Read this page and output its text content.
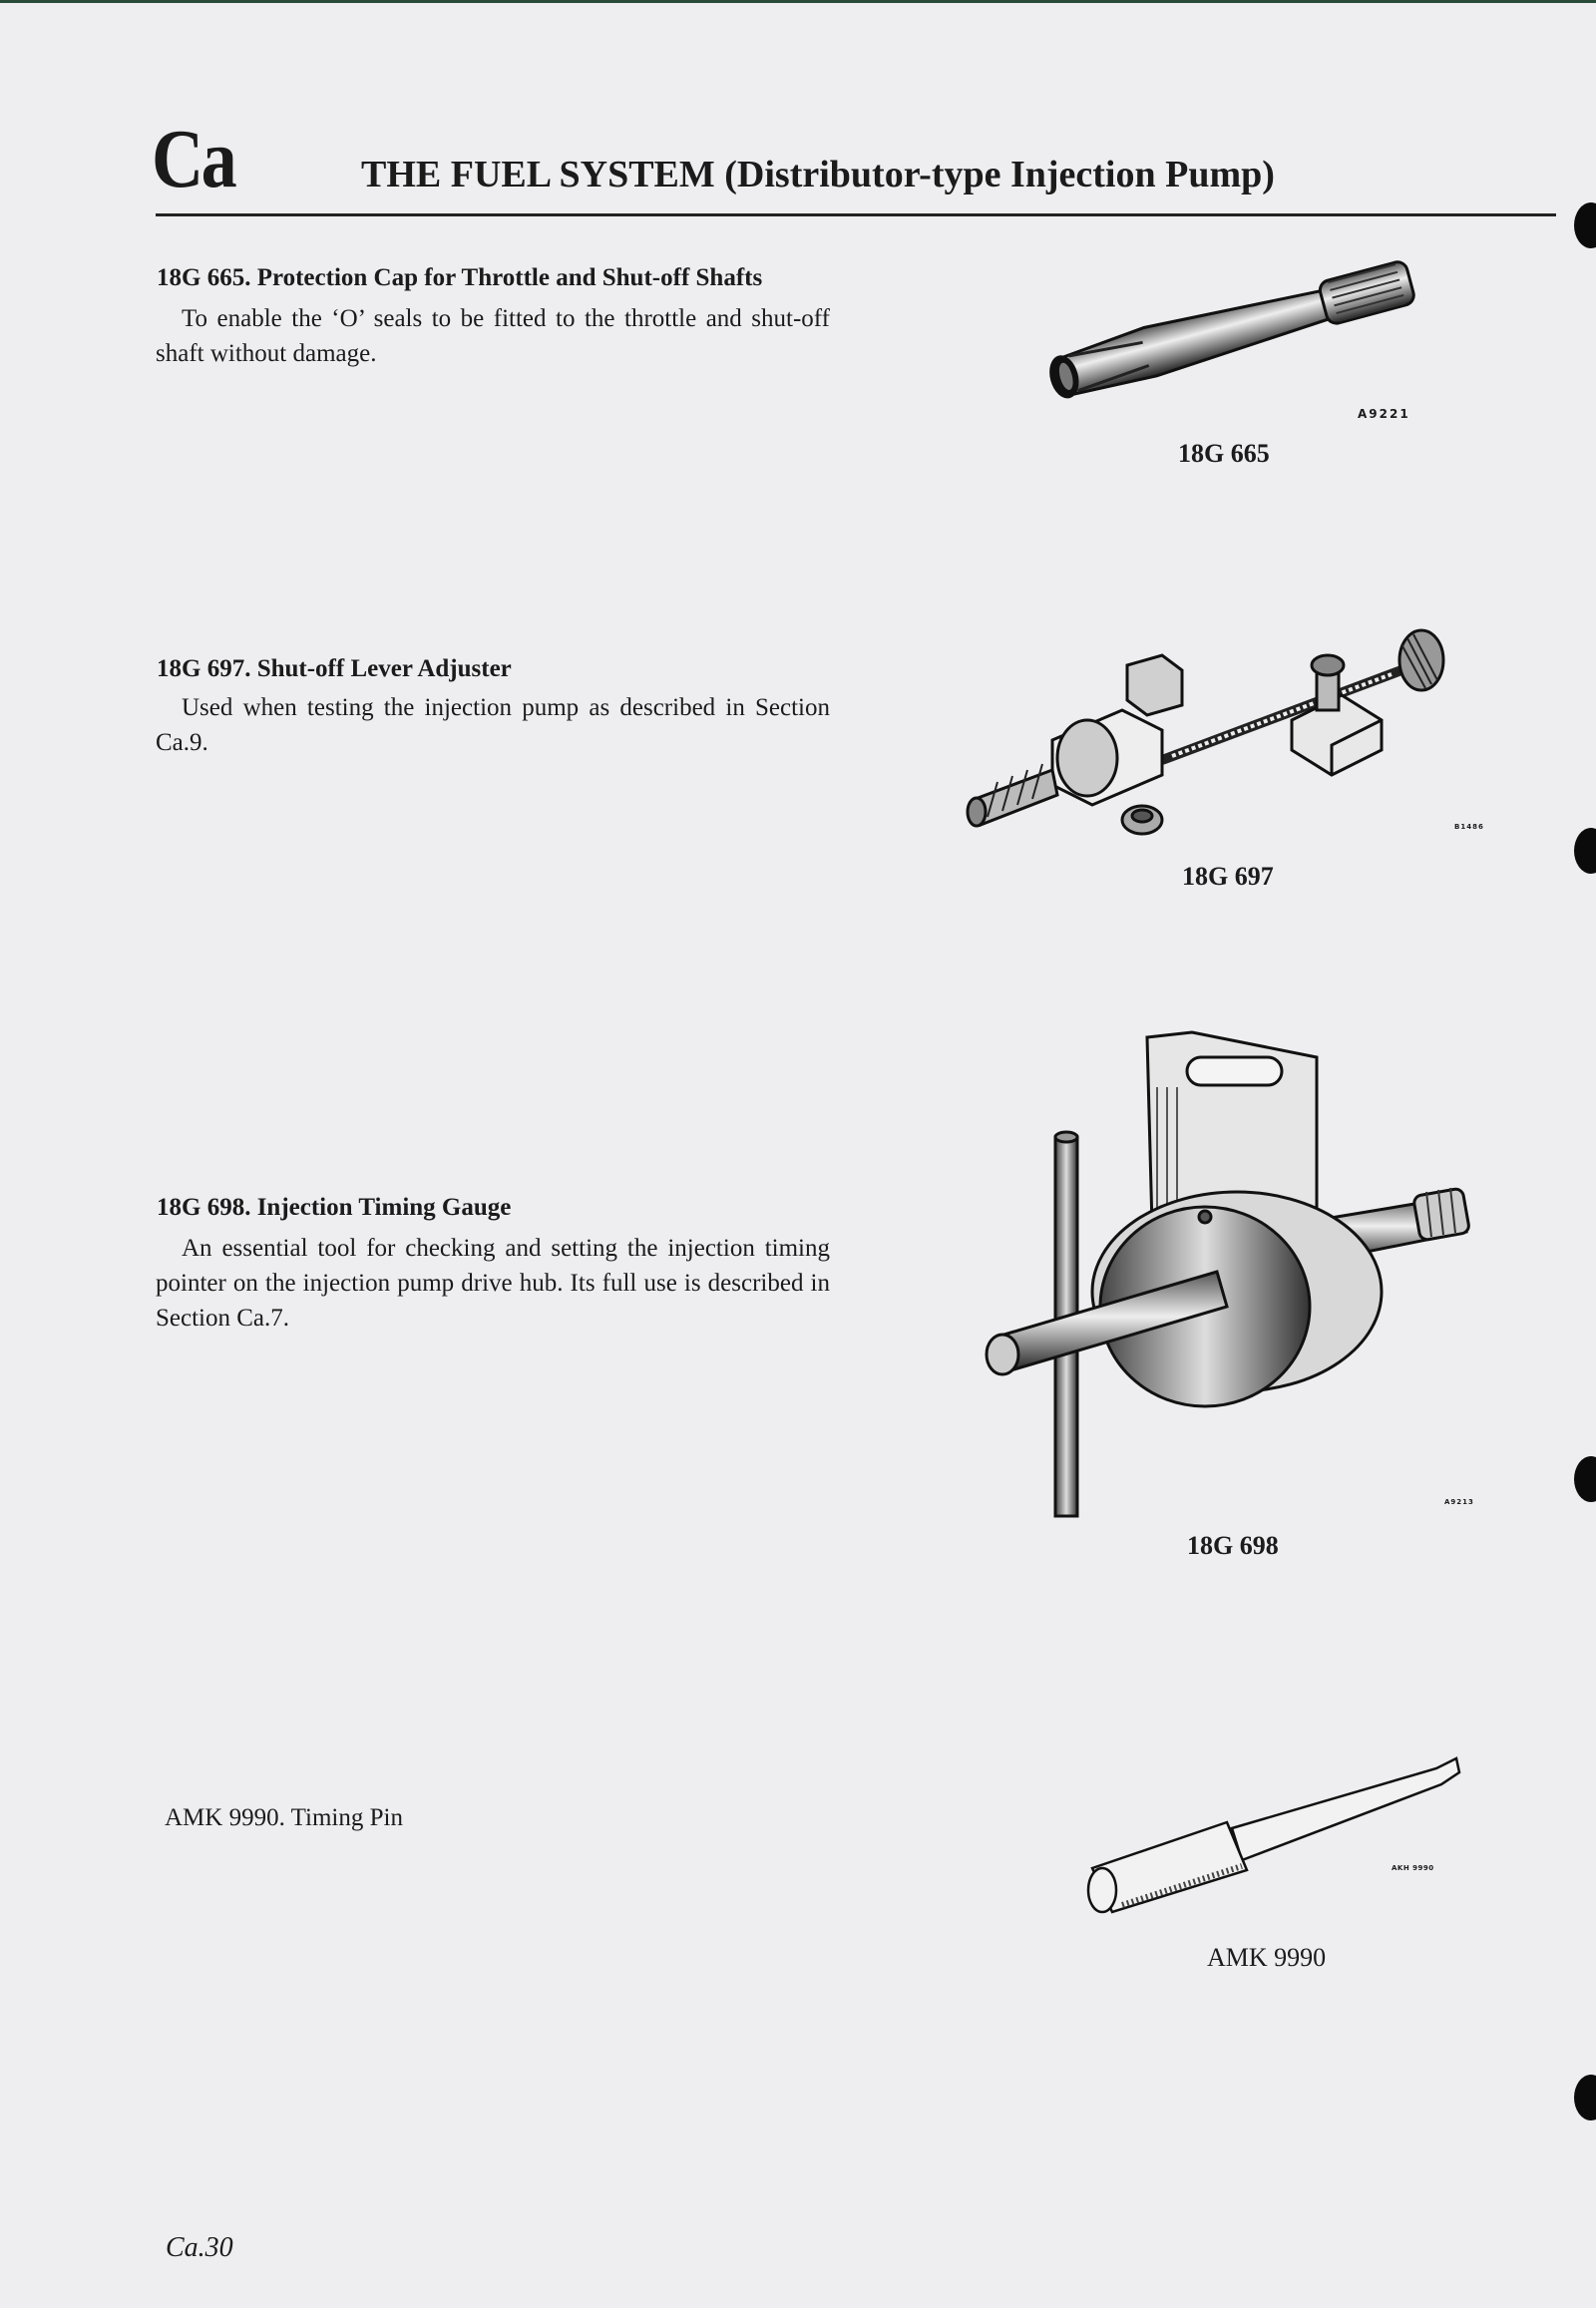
Ca	THE FUEL SYSTEM (Distributor-type Injection Pump)
18G 665. Protection Cap for Throttle and Shut-off Shafts

To enable the ‘O’ seals to be fitted to the throttle and shut-off shaft without damage.

A9221
18G 665
18G 697. Shut-off Lever Adjuster

Used when testing the injection pump as described in Section Ca.9.

B1486
18G 697
18G 698. Injection Timing Gauge

An essential tool for checking and setting the injection timing pointer on the injection pump drive hub. Its full use is described in Section Ca.7.

A9213
18G 698
AMK 9990. Timing Pin
AKH 9990
AMK 9990
Ca.30
